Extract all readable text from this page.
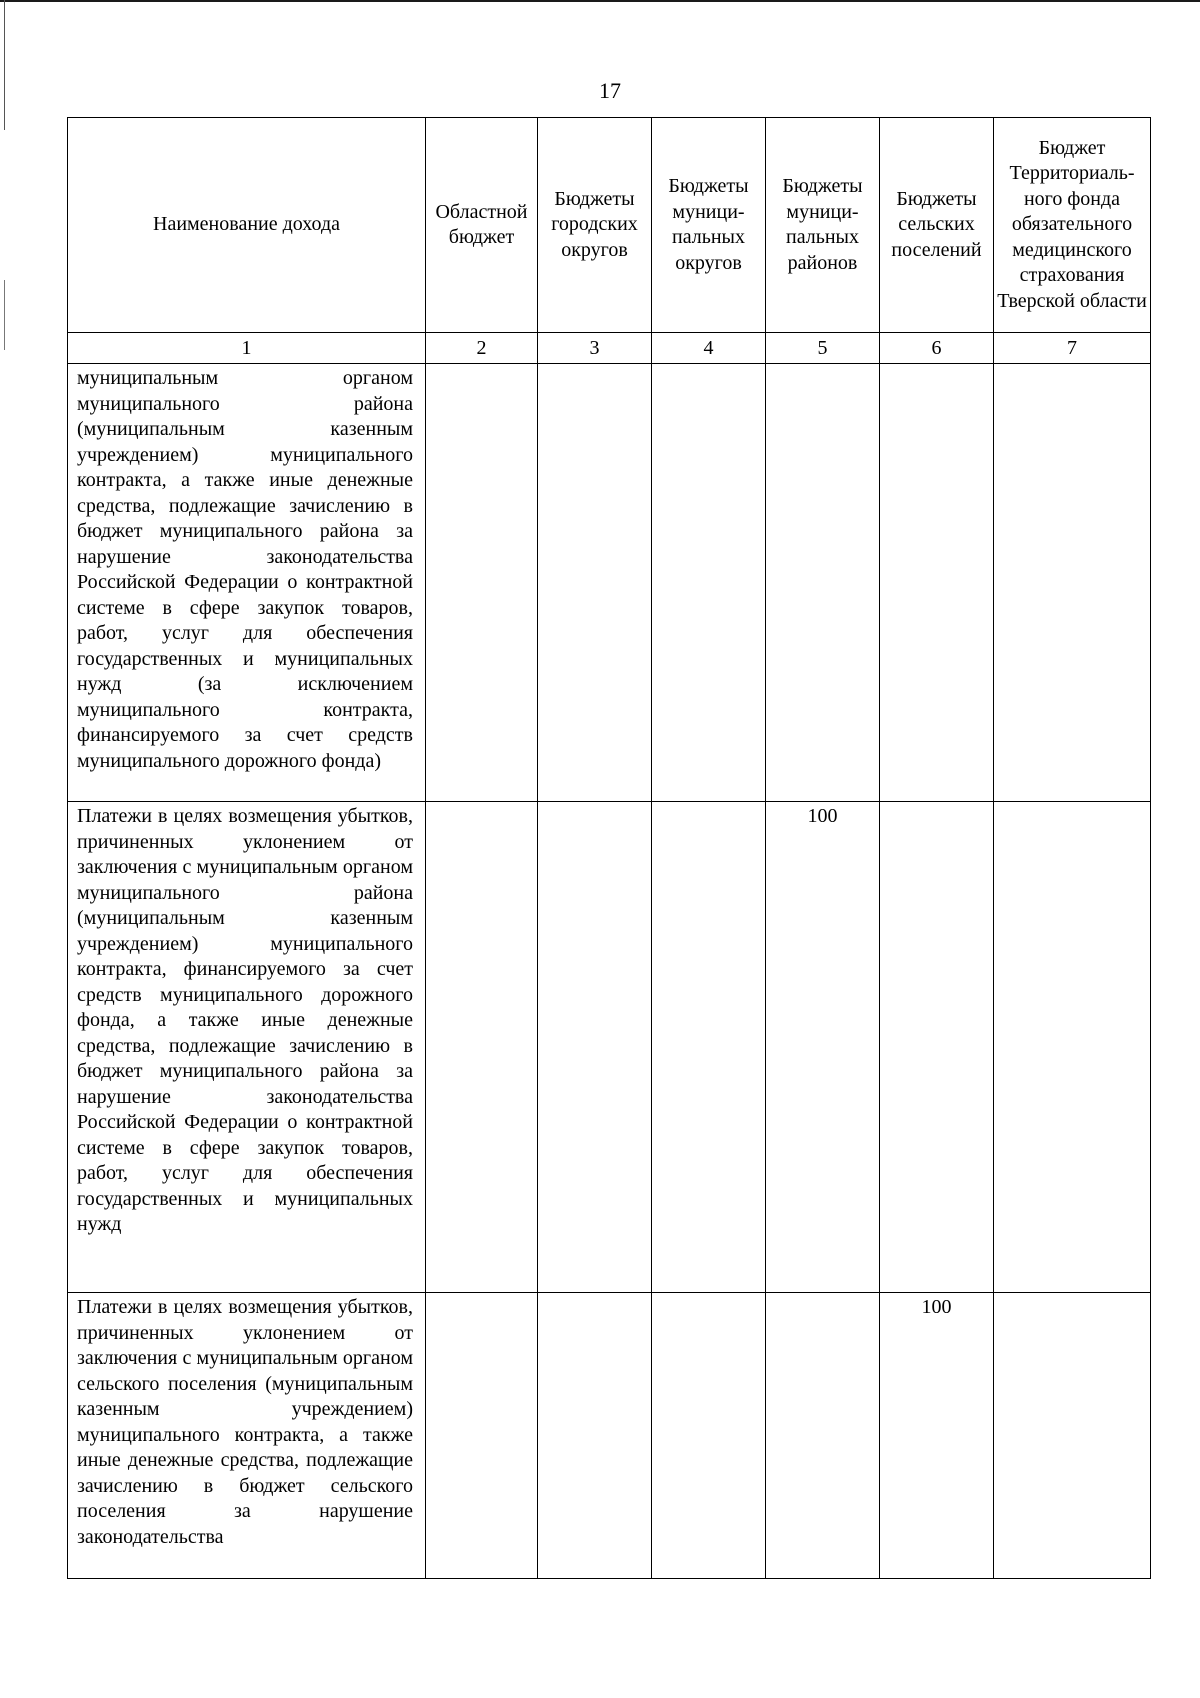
17
Наименование дохода	Областной бюджет	Бюджеты городских округов	Бюджеты муници-пальных округов	Бюджеты муници-пальных районов	Бюджеты сельских поселений	Бюджет Территориаль-ного фонда обязательного медицинского страхования Тверской области
1	2	3	4	5	6	7
муниципальным органом муниципального района (муниципальным казенным учреждением) муниципального контракта, а также иные денежные средства, подлежащие зачислению в бюджет муниципального района за нарушение законодательства Российской Федерации о контрактной системе в сфере закупок товаров, работ, услуг для обеспечения государственных и муниципальных нужд (за исключением муниципального контракта, финансируемого за счет средств муниципального дорожного фонда)						
Платежи в целях возмещения убытков, причиненных уклонением от заключения с муниципальным органом муниципального района (муниципальным казенным учреждением) муниципального контракта, финансируемого за счет средств муниципального дорожного фонда, а также иные денежные средства, подлежащие зачислению в бюджет муниципального района за нарушение законодательства Российской Федерации о контрактной системе в сфере закупок товаров, работ, услуг для обеспечения государственных и муниципальных нужд				100		
Платежи в целях возмещения убытков, причиненных уклонением от заключения с муниципальным органом сельского поселения (муниципальным казенным учреждением) муниципального контракта, а также иные денежные средства, подлежащие зачислению в бюджет сельского поселения за нарушение законодательства					100	
